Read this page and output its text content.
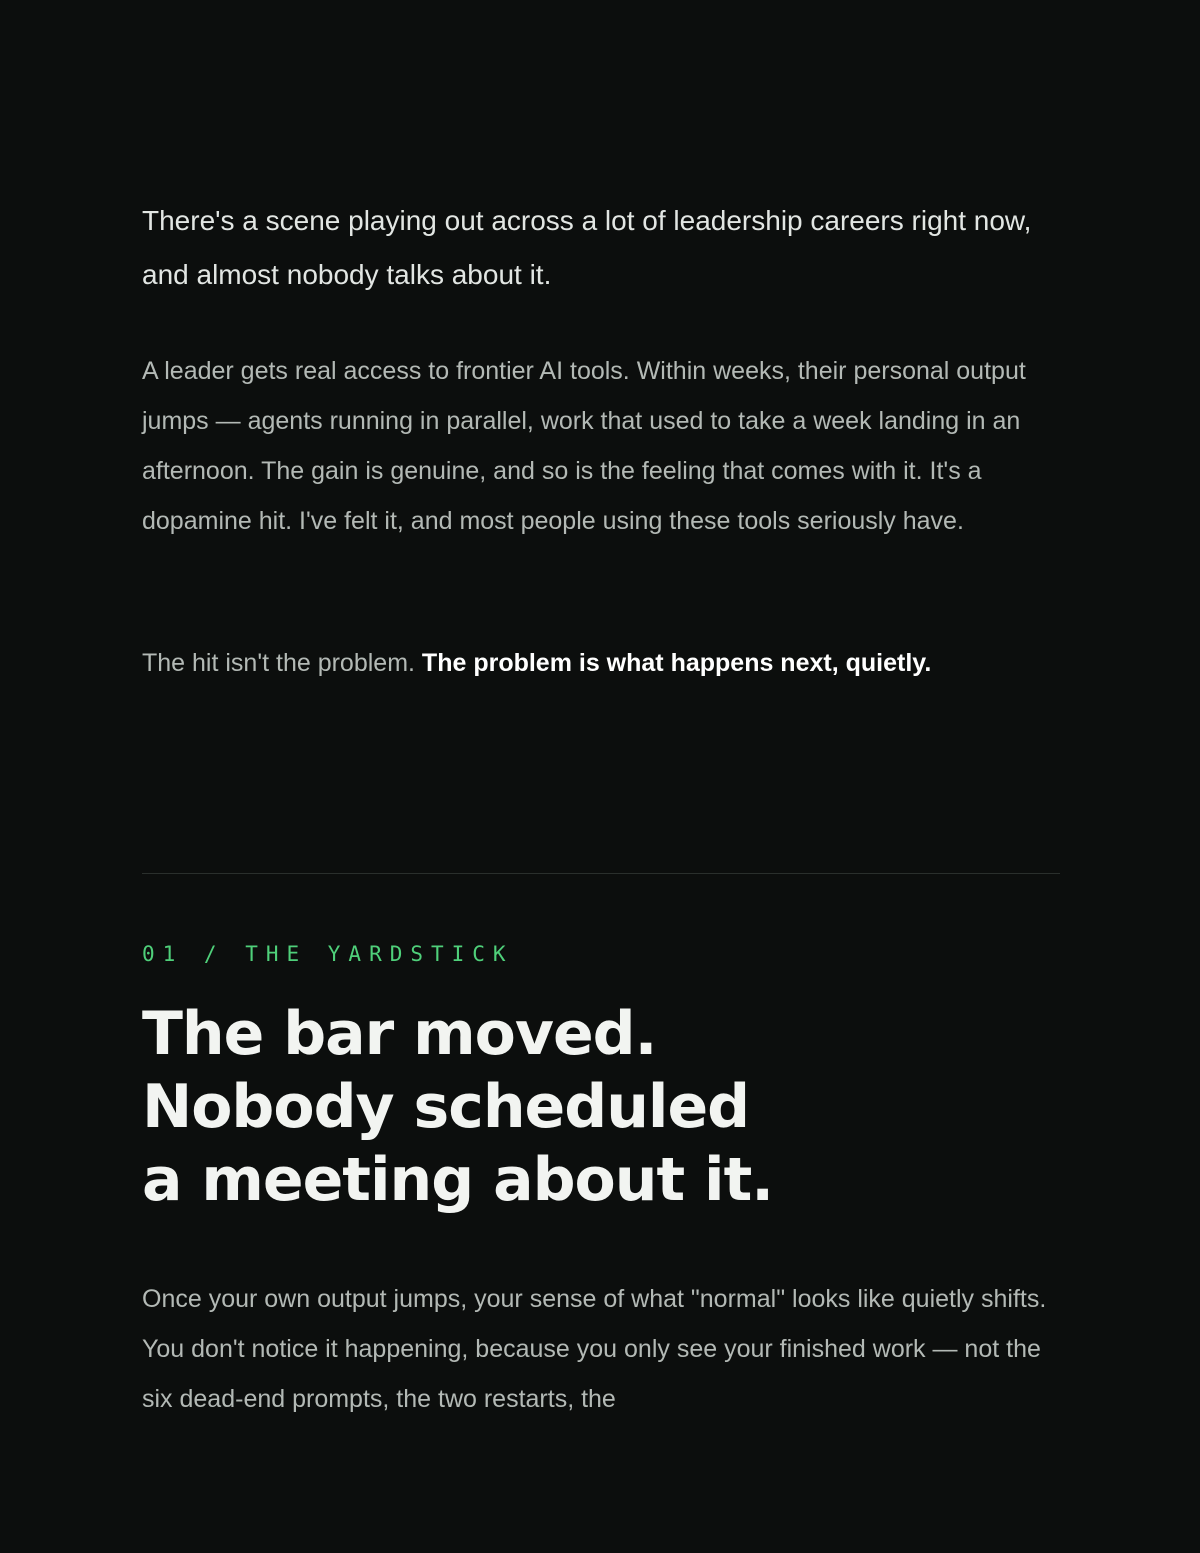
There's a scene playing out across a lot of leadership careers right now, and almost nobody talks about it.

A leader gets real access to frontier AI tools. Within weeks, their personal output jumps — agents running in parallel, work that used to take a week landing in an afternoon. The gain is genuine, and so is the feeling that comes with it. It's a dopamine hit. I've felt it, and most people using these tools seriously have.

The hit isn't the problem. The problem is what happens next, quietly.

01 / THE YARDSTICK

The bar moved.
Nobody scheduled
a meeting about it.

Once your own output jumps, your sense of what "normal" looks like quietly shifts. You don't notice it happening, because you only see your finished work — not the six dead-end prompts, the two restarts, the
